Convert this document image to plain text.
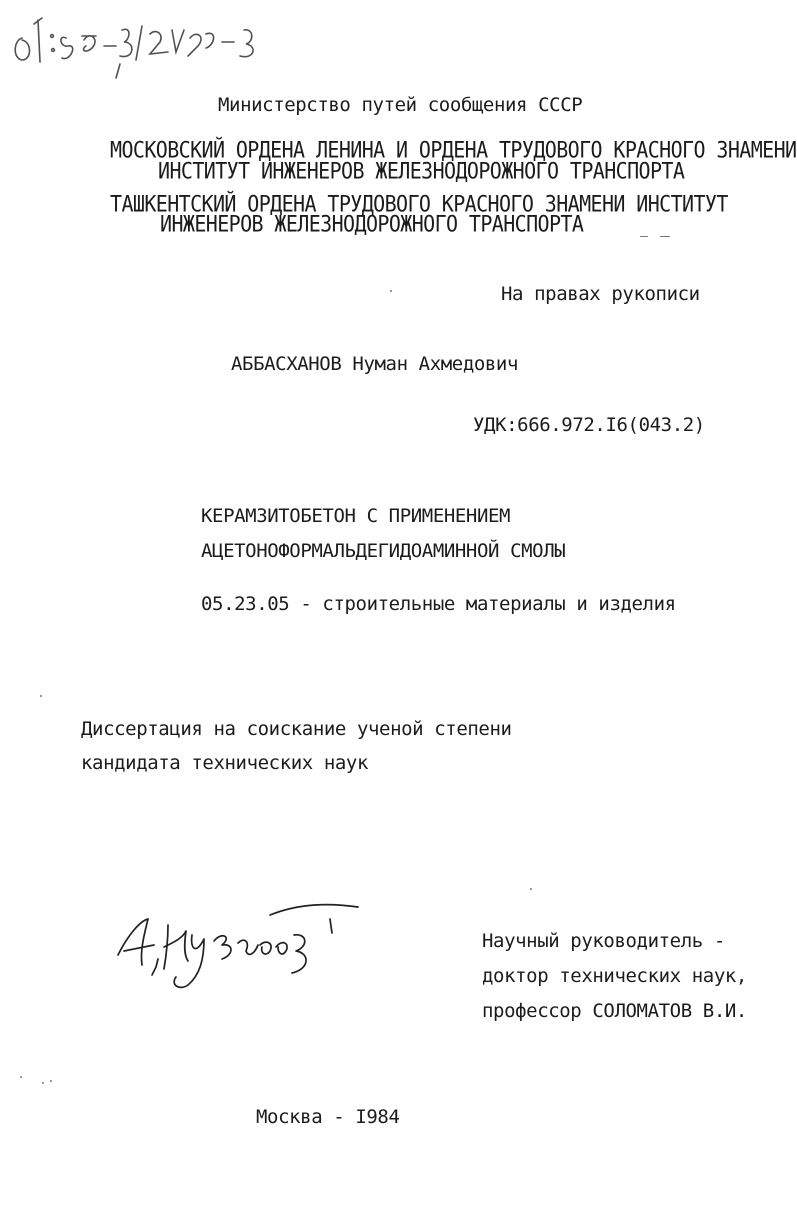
Министерство путей сообщения СССР
МОСКОВСКИЙ ОРДЕНА ЛЕНИНА И ОРДЕНА ТРУДОВОГО КРАСНОГО ЗНАМЕНИ
ИНСТИТУТ ИНЖЕНЕРОВ ЖЕЛЕЗНОДОРОЖНОГО ТРАНСПОРТА
ТАШКЕНТСКИЙ ОРДЕНА ТРУДОВОГО КРАСНОГО ЗНАМЕНИ ИНСТИТУТ
ИНЖЕНЕРОВ ЖЕЛЕЗНОДОРОЖНОГО ТРАНСПОРТА
На правах рукописи
АББАСХАНОВ Нуман Ахмедович
УДК:666.972.I6(043.2)
КЕРАМЗИТОБЕТОН С ПРИМЕНЕНИЕМ
АЦЕТОНОФОРМАЛЬДЕГИДОАМИННОЙ СМОЛЫ
05.23.05 - строительные материалы и изделия
Диссертация на соискание ученой степени
кандидата технических наук
Научный руководитель -
доктор технических наук,
профессор СОЛОМАТОВ В.И.
Москва - I984
